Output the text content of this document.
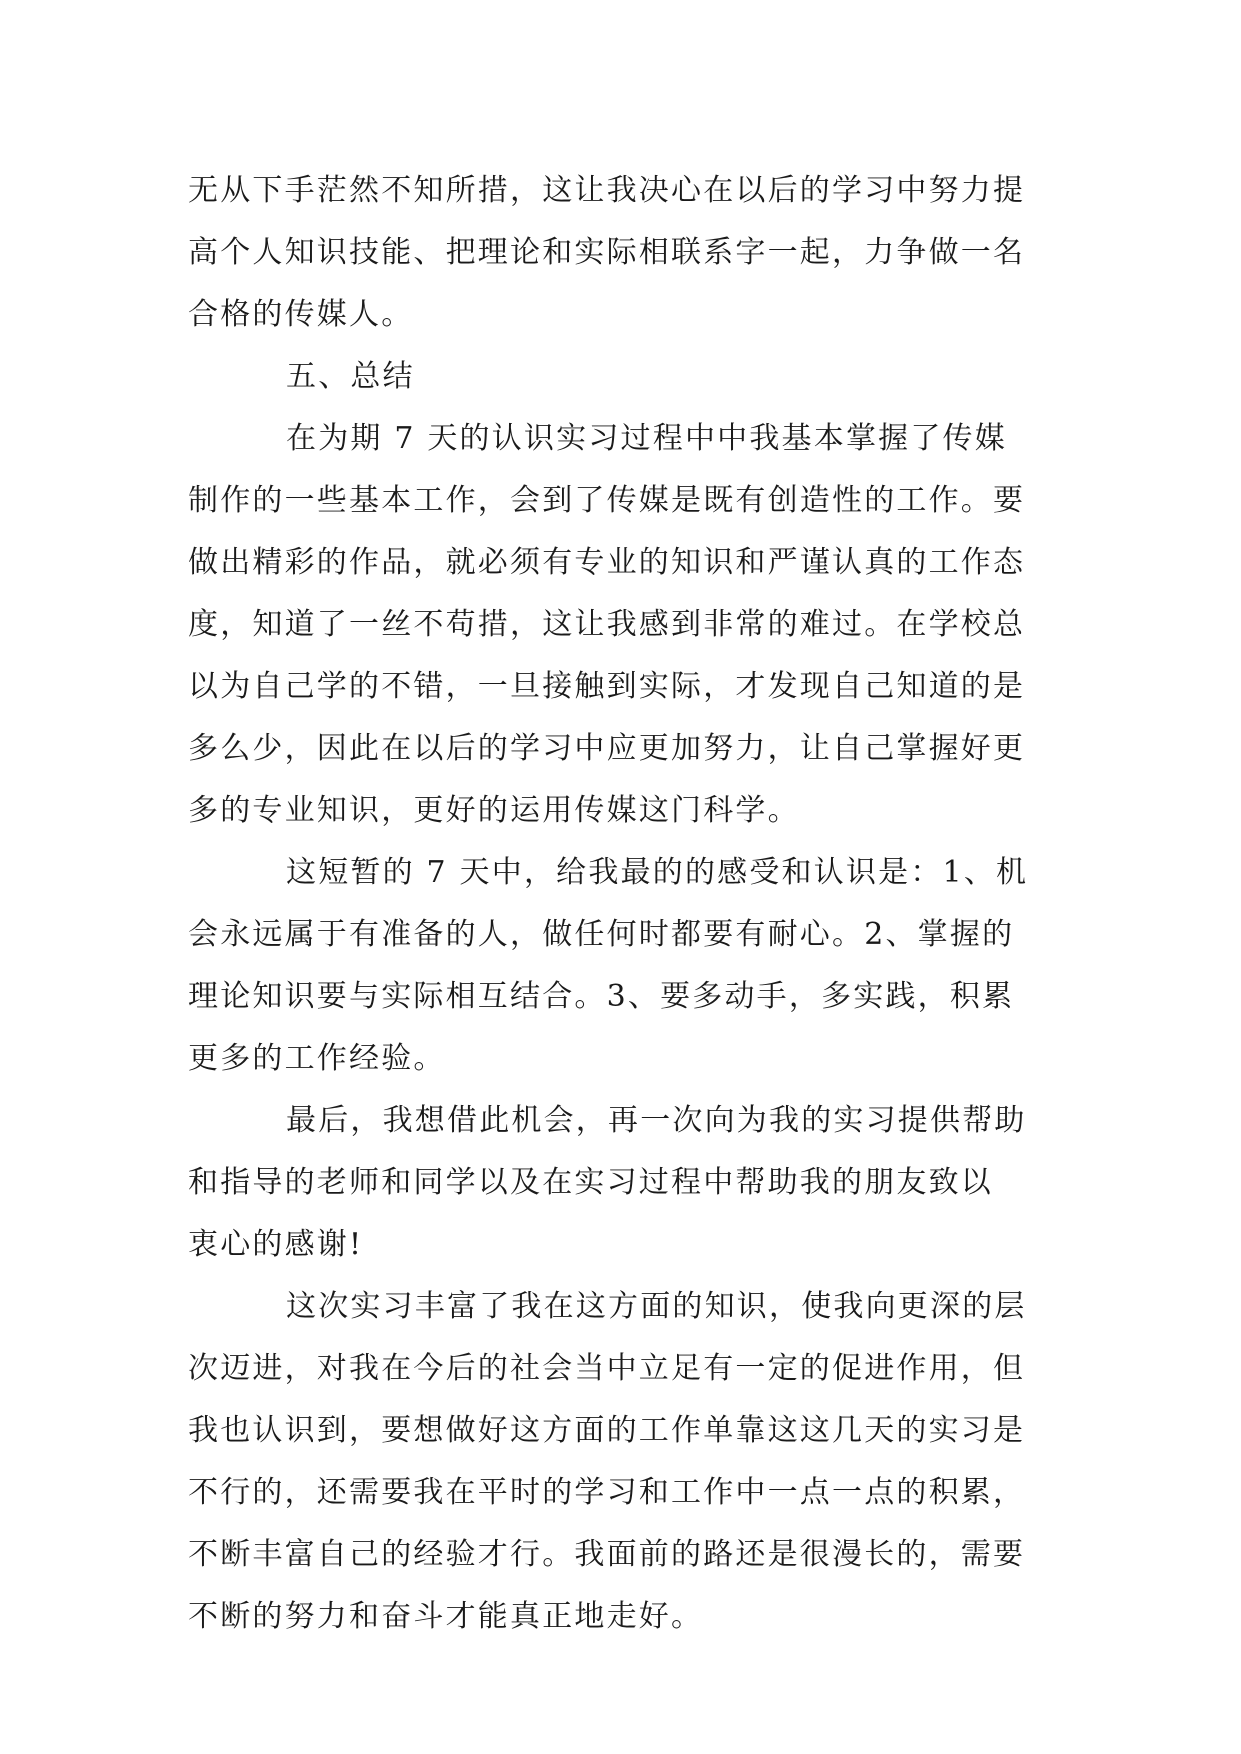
无从下手茫然不知所措，这让我决心在以后的学习中努力提
高个人知识技能、把理论和实际相联系字一起，力争做一名
合格的传媒人。

五、总结

在为期 7 天的认识实习过程中中我基本掌握了传媒
制作的一些基本工作，会到了传媒是既有创造性的工作。要
做出精彩的作品，就必须有专业的知识和严谨认真的工作态
度，知道了一丝不苟措，这让我感到非常的难过。在学校总
以为自己学的不错，一旦接触到实际，才发现自己知道的是
多么少，因此在以后的学习中应更加努力，让自己掌握好更
多的专业知识，更好的运用传媒这门科学。

这短暂的 7 天中，给我最的的感受和认识是：1、机
会永远属于有准备的人，做任何时都要有耐心。2、掌握的
理论知识要与实际相互结合。3、要多动手，多实践，积累
更多的工作经验。

最后，我想借此机会，再一次向为我的实习提供帮助
和指导的老师和同学以及在实习过程中帮助我的朋友致以
衷心的感谢!

这次实习丰富了我在这方面的知识，使我向更深的层
次迈进，对我在今后的社会当中立足有一定的促进作用，但
我也认识到，要想做好这方面的工作单靠这这几天的实习是
不行的，还需要我在平时的学习和工作中一点一点的积累，
不断丰富自己的经验才行。我面前的路还是很漫长的，需要
不断的努力和奋斗才能真正地走好。
